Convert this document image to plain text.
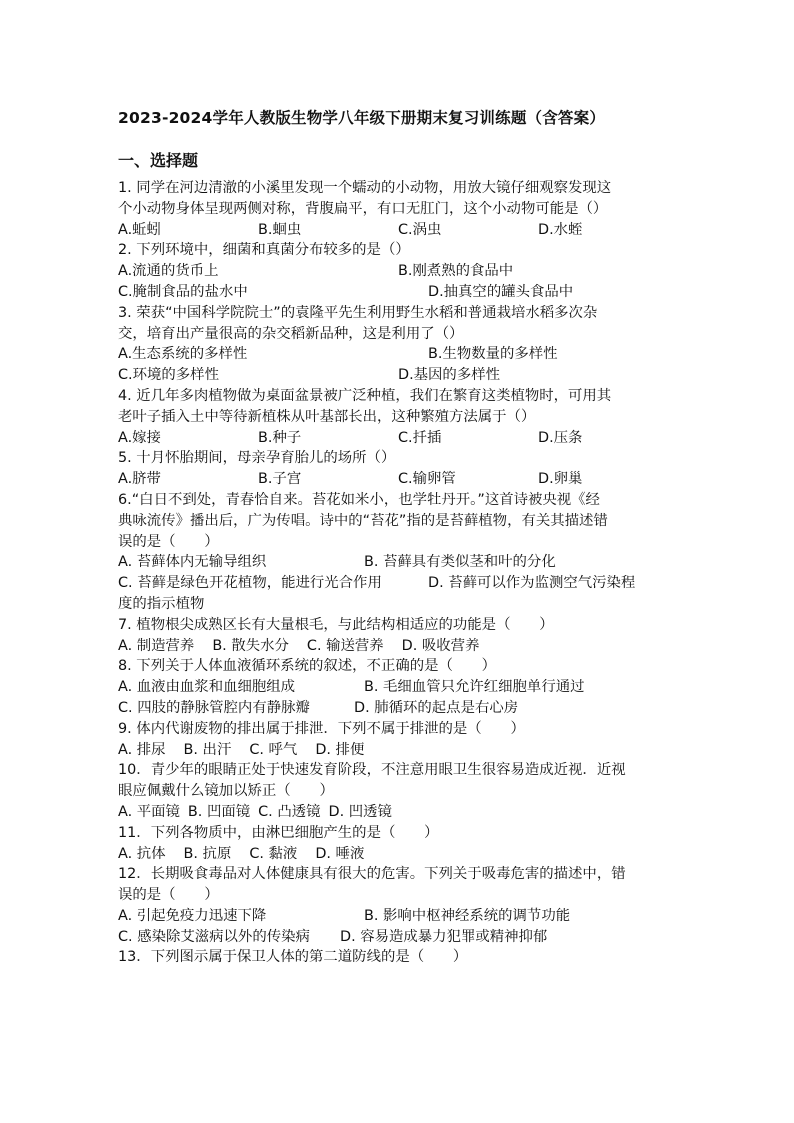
2023-2024学年人教版生物学八年级下册期末复习训练题（含答案）
一、选择题
1. 同学在河边清澈的小溪里发现一个蠕动的小动物，用放大镜仔细观察发现这
个小动物身体呈现两侧对称，背腹扁平，有口无肛门，这个小动物可能是（）
A.蚯蚓	B.蛔虫	C.涡虫	D.水蛭
2. 下列环境中，细菌和真菌分布较多的是（）
A.流通的货币上	B.刚煮熟的食品中
C.腌制食品的盐水中	D.抽真空的罐头食品中
3. 荣获“中国科学院院士”的袁隆平先生利用野生水稻和普通栽培水稻多次杂
交，培育出产量很高的杂交稻新品种，这是利用了（）
A.生态系统的多样性	B.生物数量的多样性
C.环境的多样性	D.基因的多样性
4. 近几年多肉植物做为桌面盆景被广泛种植，我们在繁育这类植物时，可用其
老叶子插入土中等待新植株从叶基部长出，这种繁殖方法属于（）
A.嫁接	B.种子	C.扦插	D.压条
5. 十月怀胎期间，母亲孕育胎儿的场所（）
A.脐带	B.子宫	C.输卵管	D.卵巢
6.“白日不到处，青春恰自来。苔花如米小，也学牡丹开。”这首诗被央视《经
典咏流传》播出后，广为传唱。诗中的“苔花”指的是苔藓植物，有关其描述错
误的是（　　）
A. 苔藓体内无输导组织	B. 苔藓具有类似茎和叶的分化
C. 苔藓是绿色开花植物，能进行光合作用	D. 苔藓可以作为监测空气污染程
度的指示植物
7. 植物根尖成熟区长有大量根毛，与此结构相适应的功能是（　　）
A. 制造营养 B. 散失水分 C. 输送营养 D. 吸收营养
8. 下列关于人体血液循环系统的叙述，不正确的是（　　）
A. 血液由血浆和血细胞组成	B. 毛细血管只允许红细胞单行通过
C. 四肢的静脉管腔内有静脉瓣	D. 肺循环的起点是右心房
9. 体内代谢废物的排出属于排泄．下列不属于排泄的是（　　）
A. 排尿 B. 出汗 C. 呼气 D. 排便
10．青少年的眼睛正处于快速发育阶段，不注意用眼卫生很容易造成近视．近视
眼应佩戴什么镜加以矫正（　　）
A. 平面镜 B. 凹面镜 C. 凸透镜 D. 凹透镜
11．下列各物质中，由淋巴细胞产生的是（　　）
A. 抗体 B. 抗原 C. 黏液 D. 唾液
12．长期吸食毒品对人体健康具有很大的危害。下列关于吸毒危害的描述中，错
误的是（　　）
A. 引起免疫力迅速下降	B. 影响中枢神经系统的调节功能
C. 感染除艾滋病以外的传染病	D. 容易造成暴力犯罪或精神抑郁
13．下列图示属于保卫人体的第二道防线的是（　　）
